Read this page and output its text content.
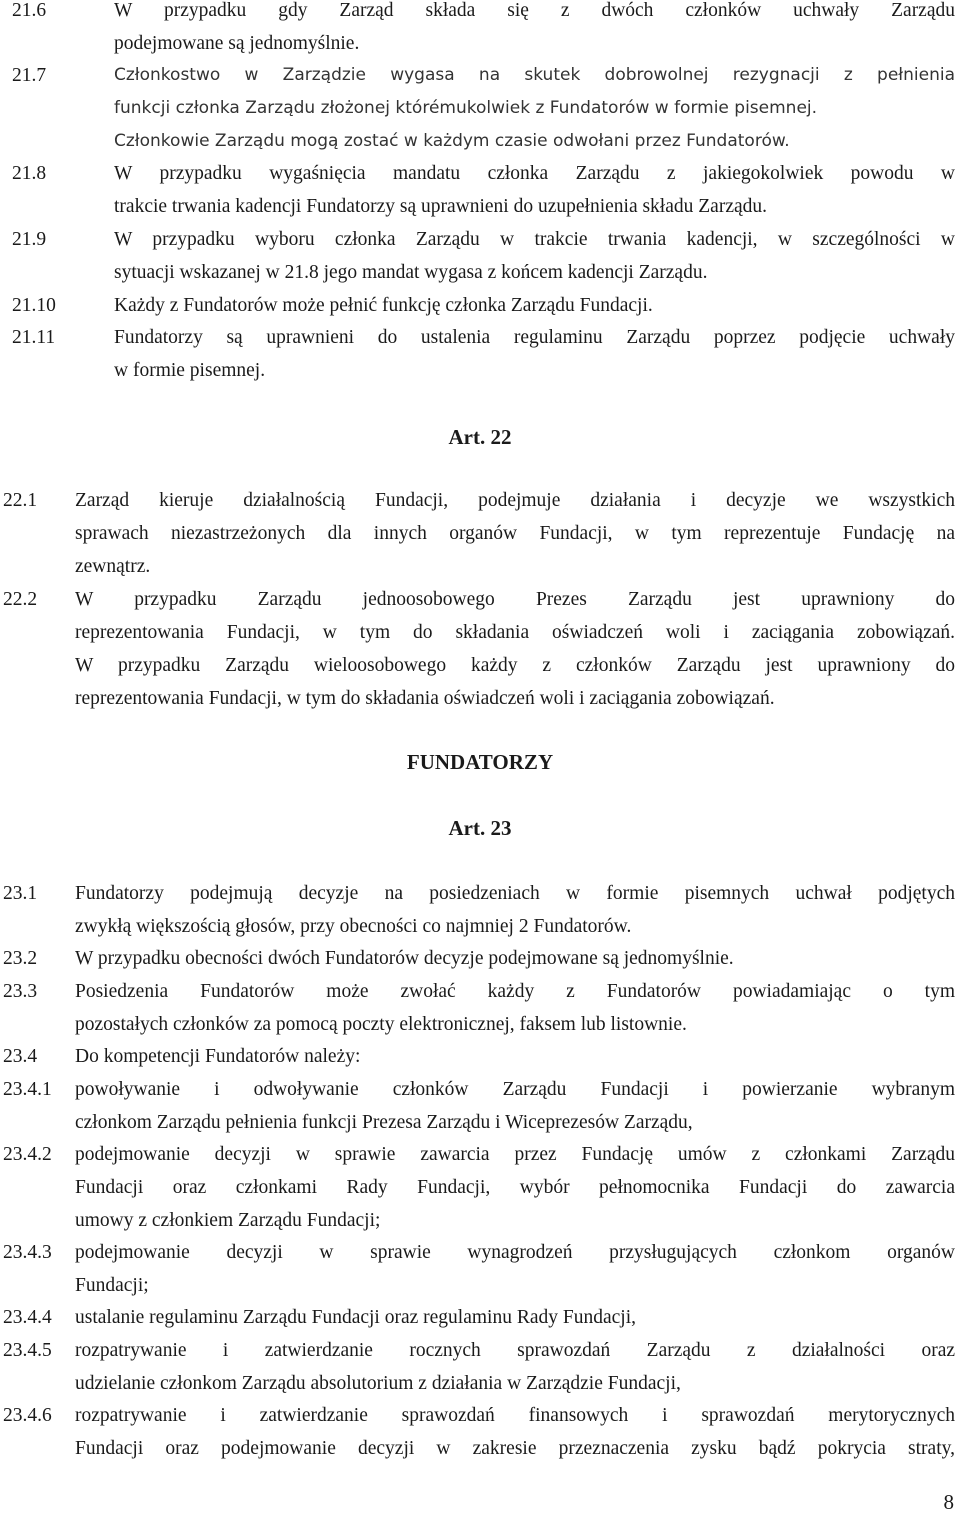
21.6	W przypadku gdy Zarząd składa się z dwóch członków uchwały Zarządu
podejmowane są jednomyślnie.
21.7	Członkostwo w Zarządzie wygasa na skutek dobrowolnej rezygnacji z pełnienia
funkcji członka Zarządu złożonej którémukolwiek z Fundatorów w formie pisemnej.
Członkowie Zarządu mogą zostać w każdym czasie odwołani przez Fundatorów.
21.8	W przypadku wygaśnięcia mandatu członka Zarządu z jakiegokolwiek powodu w
trakcie trwania kadencji Fundatorzy są uprawnieni do uzupełnienia składu Zarządu.
21.9	W przypadku wyboru członka Zarządu w trakcie trwania kadencji, w szczególności w
sytuacji wskazanej w 21.8 jego mandat wygasa z końcem kadencji Zarządu.
21.10	Każdy z Fundatorów może pełnić funkcję członka Zarządu Fundacji.
21.11	Fundatorzy są uprawnieni do ustalenia regulaminu Zarządu poprzez podjęcie uchwały
w formie pisemnej.
Art. 22
22.1 Zarząd kieruje działalnością Fundacji, podejmuje działania i decyzje we wszystkich
sprawach niezastrzeżonych dla innych organów Fundacji, w tym reprezentuje Fundację na
zewnątrz.
22.2 W przypadku Zarządu jednoosobowego Prezes Zarządu jest uprawniony do
reprezentowania Fundacji, w tym do składania oświadczeń woli i zaciągania zobowiązań.
W przypadku Zarządu wieloosobowego każdy z członków Zarządu jest uprawniony do
reprezentowania Fundacji, w tym do składania oświadczeń woli i zaciągania zobowiązań.
FUNDATORZY
Art. 23
23.1 Fundatorzy podejmują decyzje na posiedzeniach w formie pisemnych uchwał podjętych
zwykłą większością głosów, przy obecności co najmniej 2 Fundatorów.
23.2 W przypadku obecności dwóch Fundatorów decyzje podejmowane są jednomyślnie.
23.3 Posiedzenia Fundatorów może zwołać każdy z Fundatorów powiadamiając o tym
pozostałych członków za pomocą poczty elektronicznej, faksem lub listownie.
23.4 Do kompetencji Fundatorów należy:
23.4.1 powoływanie i odwoływanie członków Zarządu Fundacji i powierzanie wybranym
członkom Zarządu pełnienia funkcji Prezesa Zarządu i Wiceprezesów Zarządu,
23.4.2 podejmowanie decyzji w sprawie zawarcia przez Fundację umów z członkami Zarządu
Fundacji oraz członkami Rady Fundacji, wybór pełnomocnika Fundacji do zawarcia
umowy z członkiem Zarządu Fundacji;
23.4.3 podejmowanie decyzji w sprawie wynagrodzeń przysługujących członkom organów
Fundacji;
23.4.4 ustalanie regulaminu Zarządu Fundacji oraz regulaminu Rady Fundacji,
23.4.5 rozpatrywanie i zatwierdzanie rocznych sprawozdań Zarządu z działalności oraz
udzielanie członkom Zarządu absolutorium z działania w Zarządzie Fundacji,
23.4.6 rozpatrywanie i zatwierdzanie sprawozdań finansowych i sprawozdań merytorycznych
Fundacji oraz podejmowanie decyzji w zakresie przeznaczenia zysku bądź pokrycia straty,
8
